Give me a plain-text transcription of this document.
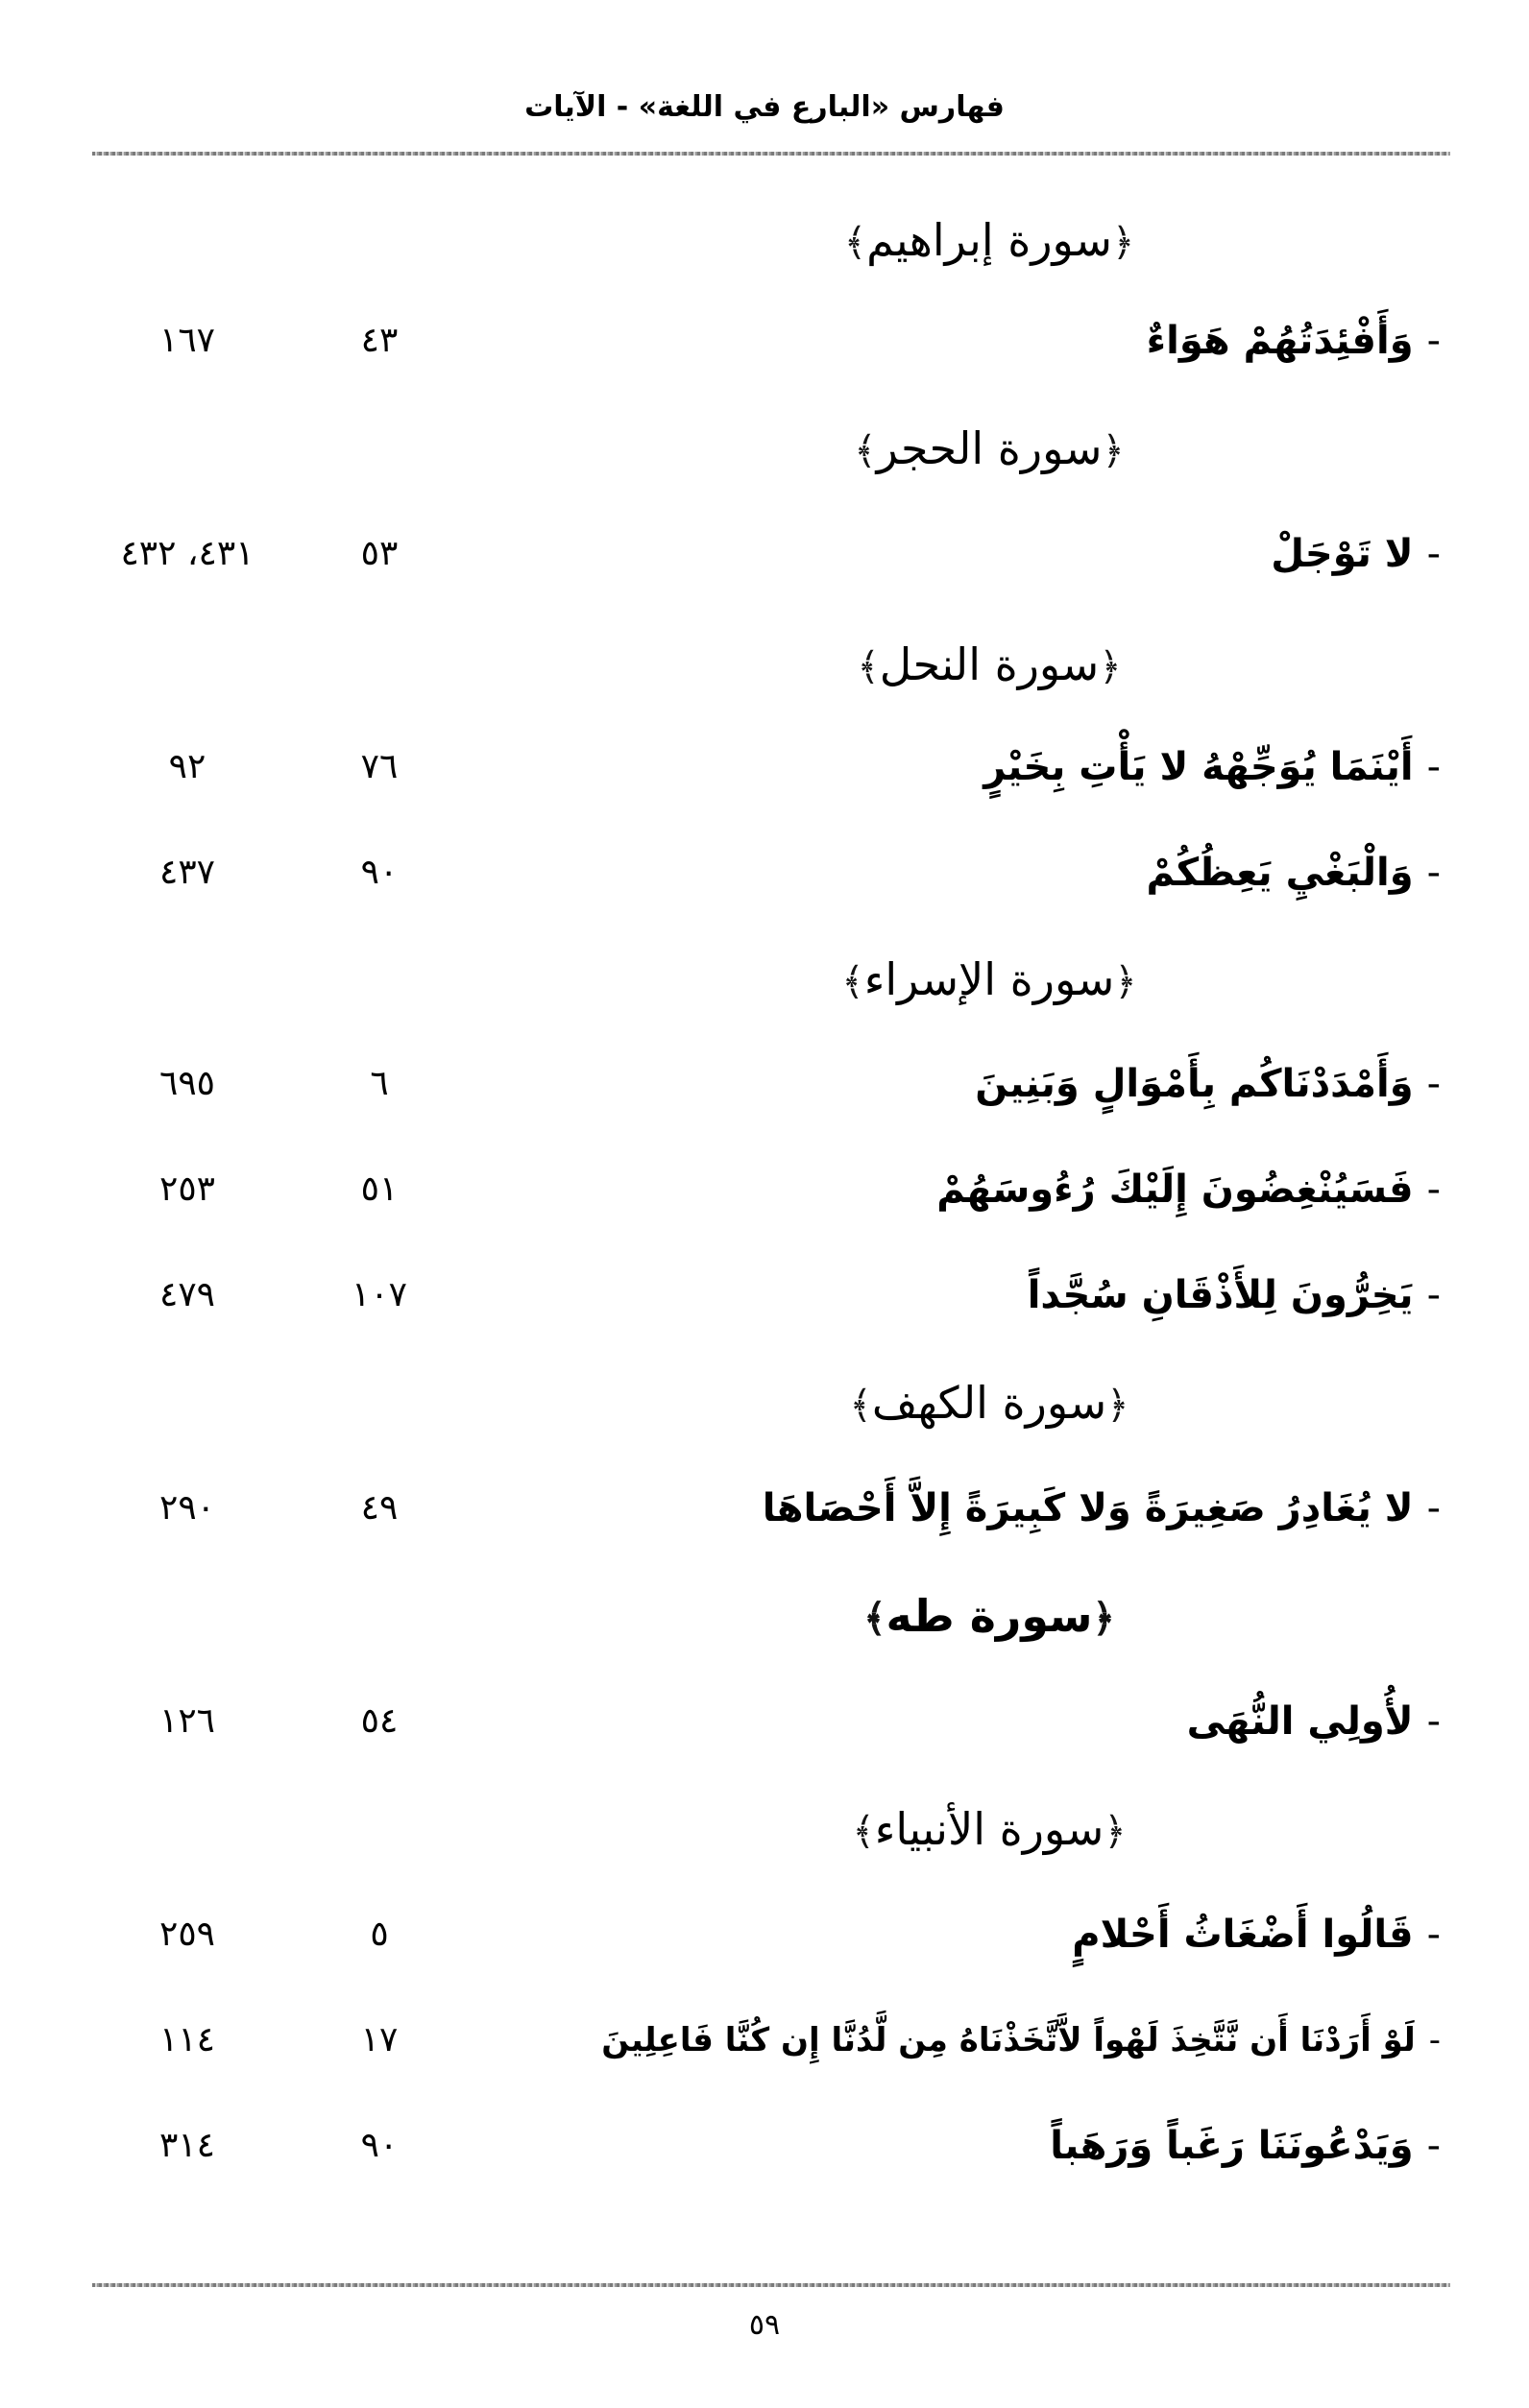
فهارس «البارع في اللغة» - الآيات
﴿سورة إبراهيم﴾
-وَأَفْئِدَتُهُمْ هَوَاءٌ
٤٣
١٦٧
﴿سورة الحجر﴾
-لا تَوْجَلْ
٥٣
٤٣١، ٤٣٢
﴿سورة النحل﴾
-أَيْنَمَا يُوَجِّهْهُ لا يَأْتِ بِخَيْرٍ
٧٦
٩٢
-وَالْبَغْيِ يَعِظُكُمْ
٩٠
٤٣٧
﴿سورة الإسراء﴾
-وَأَمْدَدْنَاكُم بِأَمْوَالٍ وَبَنِينَ
٦
٦٩٥
-فَسَيُنْغِضُونَ إِلَيْكَ رُءُوسَهُمْ
٥١
٢٥٣
-يَخِرُّونَ لِلأَذْقَانِ سُجَّداً
١٠٧
٤٧٩
﴿سورة الكهف﴾
-لا يُغَادِرُ صَغِيرَةً وَلا كَبِيرَةً إِلاَّ أَحْصَاهَا
٤٩
٢٩٠
﴿سورة طه﴾
-لأُولِي النُّهَى
٥٤
١٢٦
﴿سورة الأنبياء﴾
-قَالُوا أَضْغَاثُ أَحْلامٍ
٥
٢٥٩
-لَوْ أَرَدْنَا أَن نَّتَّخِذَ لَهْواً لاَّتَّخَذْنَاهُ مِن لَّدُنَّا إِن كُنَّا فَاعِلِينَ
١٧
١١٤
-وَيَدْعُونَنَا رَغَباً وَرَهَباً
٩٠
٣١٤
٥٩
